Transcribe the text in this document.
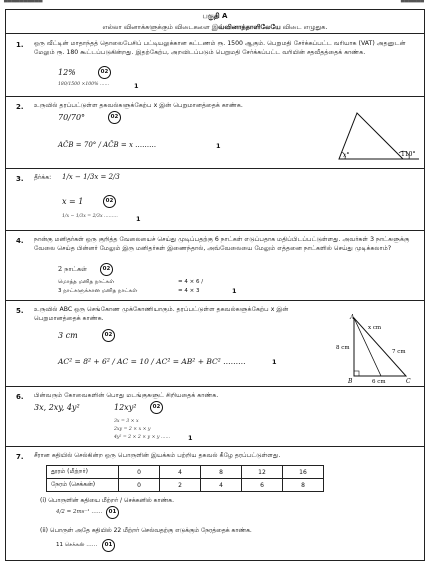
▀▀▀▀▀▀▀▀▀▀	▀▀▀▀▀▀
பகுதி A
எல்லா வினாக்களுக்கும் விடைகளை இவ்வினாத்தாளிலேயே விடை எழுதுக.
1. ஒரு வீட்டின் மாதாந்தத் தொலைபேசிப் பட்டியலுக்கான கட்டணம் ரூ. 1500 ஆகும். பெறுமதி சேர்க்கப்பட்ட வரியாக (VAT) அதனுடன் மேலும் ரூ. 180 கூட்டப்படுகின்றது. இதற்கேற்ப, அறவிடப்படும் பெறுமதி சேர்க்கப்பட்ட வரியின் சதவீதத்தைக் காண்க.
12%	02
180/1500 ×100% ……	1
2. உருவில் தரப்பட்டுள்ள தகவல்களுக்கேற்ப x இன் பெறுமானத்தைக் காண்க.
70/70°	02
AĈB = 70° / AĈB = x ………	1
x°	110°
3. தீர்க்க:	1/x − 1/3x = 2/3
x = 1	02
1/x − 1/3x = 2/3x ………	1
4. நான்கு மனிதர்கள் ஒரு குறித்த வேலையைச் செய்து முடிப்பதற்கு 6 நாட்கள் எடுப்பதாக மதிப்பிடப்பட்டுள்ளது. அவர்கள் 3 நாட்களுக்கு வேலை செய்த பின்னர் மேலும் இரு மனிதர்கள் இணைந்தால், அவ்வேலையை மேலும் எத்தனை நாட்களில் செய்து முடிக்கலாம்?
2 நாட்கள்	02
மொத்த மனித நாட்கள்	= 4 × 6 /
3 நாட்களுக்கான மனித நாட்கள்	= 4 × 3	1
5. உருவில் ABC ஒரு செங்கோண முக்கோணியாகும். தரப்பட்டுள்ள தகவல்களுக்கேற்ப x இன் பெறுமானத்தைக் காண்க.
3 cm	02
AC² = 8² + 6² / AC = 10 / AC² = AB² + BC² ………	1
A
B	C
x cm
8 cm
7 cm
6 cm
6. பின்வரும் கோவைகளின் பொது மடங்குகளுட் சிறியதைக் காண்க.
3x, 2xy, 4y²	12xy²	02
3x = 3 × x
2xy = 2 × x × y
4y² = 2 × 2 × y × y ……	1
7. சீரான கதியில் செல்கின்ற ஒரு பொருளின் இயக்கம் பற்றிய தகவல் கீழே தரப்பட்டுள்ளது.
தூரம் (மீற்றர்)	0	4	8	12	16
நேரம் (செக்கன்)	0	2	4	6	8
(i) பொருளின் கதியை மீற்றர் / செக்கனில் காண்க.
4/2 = 2ms⁻¹ ……	01
(ii) பொருள் அதே கதியில் 22 மீற்றர் செல்வதற்கு எடுக்கும் நேரத்தைக் காண்க.
11 செக்கன் ……	01
